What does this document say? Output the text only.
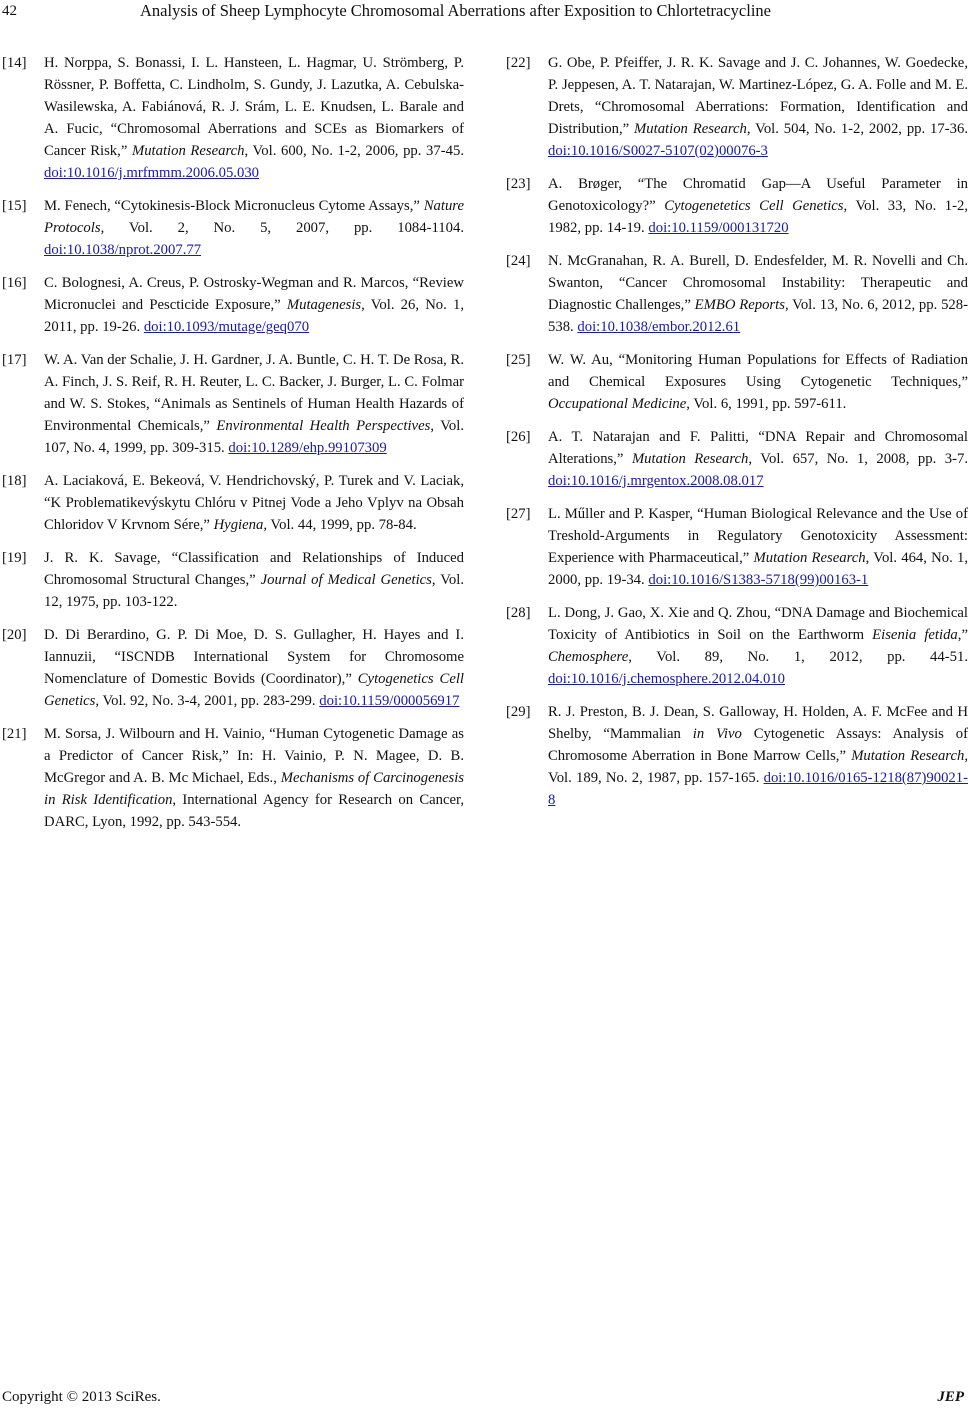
42	Analysis of Sheep Lymphocyte Chromosomal Aberrations after Exposition to Chlortetracycline
[14]	H. Norppa, S. Bonassi, I. L. Hansteen, L. Hagmar, U. Strömberg, P. Rössner, P. Boffetta, C. Lindholm, S. Gundy, J. Lazutka, A. Cebulska-Wasilewska, A. Fabiánová, R. J. Srám, L. E. Knudsen, L. Barale and A. Fucic, “Chromosomal Aberrations and SCEs as Biomarkers of Cancer Risk,” Mutation Research, Vol. 600, No. 1-2, 2006, pp. 37-45. doi:10.1016/j.mrfmmm.2006.05.030
[15]	M. Fenech, “Cytokinesis-Block Micronucleus Cytome Assays,” Nature Protocols, Vol. 2, No. 5, 2007, pp. 1084-1104. doi:10.1038/nprot.2007.77
[16]	C. Bolognesi, A. Creus, P. Ostrosky-Wegman and R. Marcos, “Review Micronuclei and Pescticide Exposure,” Mutagenesis, Vol. 26, No. 1, 2011, pp. 19-26. doi:10.1093/mutage/geq070
[17]	W. A. Van der Schalie, J. H. Gardner, J. A. Buntle, C. H. T. De Rosa, R. A. Finch, J. S. Reif, R. H. Reuter, L. C. Backer, J. Burger, L. C. Folmar and W. S. Stokes, “Animals as Sentinels of Human Health Hazards of Environmental Chemicals,” Environmental Health Perspectives, Vol. 107, No. 4, 1999, pp. 309-315. doi:10.1289/ehp.99107309
[18]	A. Laciaková, E. Bekeová, V. Hendrichovský, P. Turek and V. Laciak, “K Problematikevýskytu Chlóru v Pitnej Vode a Jeho Vplyv na Obsah Chloridov V Krvnom Sére,” Hygiena, Vol. 44, 1999, pp. 78-84.
[19]	J. R. K. Savage, “Classification and Relationships of Induced Chromosomal Structural Changes,” Journal of Medical Genetics, Vol. 12, 1975, pp. 103-122.
[20]	D. Di Berardino, G. P. Di Moe, D. S. Gullagher, H. Hayes and I. Iannuzii, “ISCNDB International System for Chromosome Nomenclature of Domestic Bovids (Coordinator),” Cytogenetics Cell Genetics, Vol. 92, No. 3-4, 2001, pp. 283-299. doi:10.1159/000056917
[21]	M. Sorsa, J. Wilbourn and H. Vainio, “Human Cytogenetic Damage as a Predictor of Cancer Risk,” In: H. Vainio, P. N. Magee, D. B. McGregor and A. B. Mc Michael, Eds., Mechanisms of Carcinogenesis in Risk Identification, International Agency for Research on Cancer, DARC, Lyon, 1992, pp. 543-554.
[22]	G. Obe, P. Pfeiffer, J. R. K. Savage and J. C. Johannes, W. Goedecke, P. Jeppesen, A. T. Natarajan, W. Martinez-López, G. A. Folle and M. E. Drets, “Chromosomal Aberrations: Formation, Identification and Distribution,” Mutation Research, Vol. 504, No. 1-2, 2002, pp. 17-36. doi:10.1016/S0027-5107(02)00076-3
[23]	A. Brøger, “The Chromatid Gap—A Useful Parameter in Genotoxicology?” Cytogenetetics Cell Genetics, Vol. 33, No. 1-2, 1982, pp. 14-19. doi:10.1159/000131720
[24]	N. McGranahan, R. A. Burell, D. Endesfelder, M. R. Novelli and Ch. Swanton, “Cancer Chromosomal Instability: Therapeutic and Diagnostic Challenges,” EMBO Reports, Vol. 13, No. 6, 2012, pp. 528-538. doi:10.1038/embor.2012.61
[25]	W. W. Au, “Monitoring Human Populations for Effects of Radiation and Chemical Exposures Using Cytogenetic Techniques,” Occupational Medicine, Vol. 6, 1991, pp. 597-611.
[26]	A. T. Natarajan and F. Palitti, “DNA Repair and Chromosomal Alterations,” Mutation Research, Vol. 657, No. 1, 2008, pp. 3-7. doi:10.1016/j.mrgentox.2008.08.017
[27]	L. Műller and P. Kasper, “Human Biological Relevance and the Use of Treshold-Arguments in Regulatory Genotoxicity Assessment: Experience with Pharmaceutical,” Mutation Research, Vol. 464, No. 1, 2000, pp. 19-34. doi:10.1016/S1383-5718(99)00163-1
[28]	L. Dong, J. Gao, X. Xie and Q. Zhou, “DNA Damage and Biochemical Toxicity of Antibiotics in Soil on the Earthworm Eisenia fetida,” Chemosphere, Vol. 89, No. 1, 2012, pp. 44-51. doi:10.1016/j.chemosphere.2012.04.010
[29]	R. J. Preston, B. J. Dean, S. Galloway, H. Holden, A. F. McFee and H Shelby, “Mammalian in Vivo Cytogenetic Assays: Analysis of Chromosome Aberration in Bone Marrow Cells,” Mutation Research, Vol. 189, No. 2, 1987, pp. 157-165. doi:10.1016/0165-1218(87)90021-8
Copyright © 2013 SciRes.	JEP
